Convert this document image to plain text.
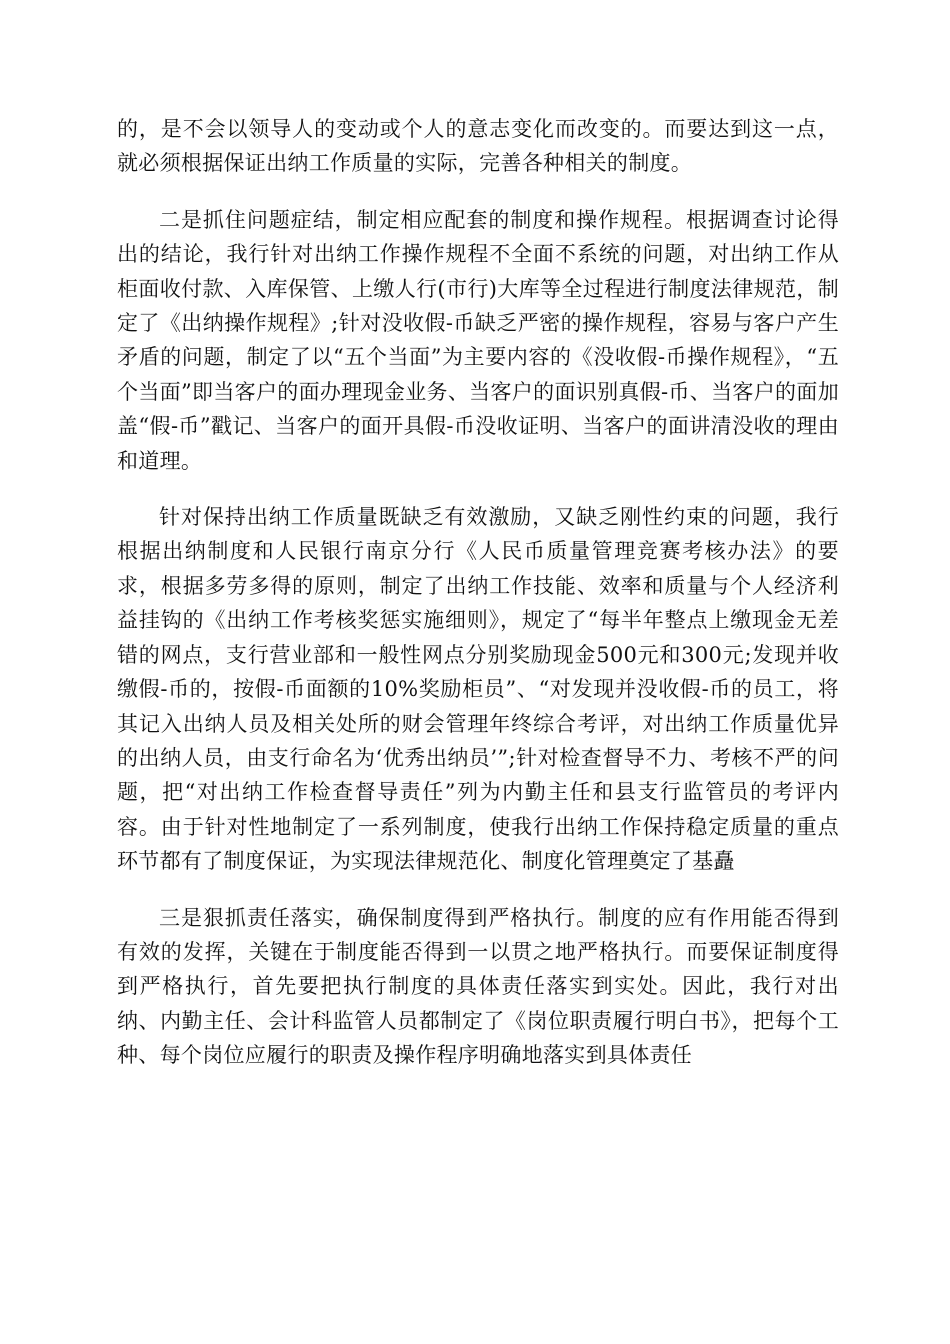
的，是不会以领导人的变动或个人的意志变化而改变的。而要达到这一点，就必须根据保证出纳工作质量的实际，完善各种相关的制度。

二是抓住问题症结，制定相应配套的制度和操作规程。根据调查讨论得出的结论，我行针对出纳工作操作规程不全面不系统的问题，对出纳工作从柜面收付款、入库保管、上缴人行(市行)大库等全过程进行制度法律规范，制定了《出纳操作规程》;针对没收假-币缺乏严密的操作规程，容易与客户产生矛盾的问题，制定了以“五个当面”为主要内容的《没收假-币操作规程》，“五个当面”即当客户的面办理现金业务、当客户的面识别真假-币、当客户的面加盖“假-币”戳记、当客户的面开具假-币没收证明、当客户的面讲清没收的理由和道理。

针对保持出纳工作质量既缺乏有效激励，又缺乏刚性约束的问题，我行根据出纳制度和人民银行南京分行《人民币质量管理竞赛考核办法》的要求，根据多劳多得的原则，制定了出纳工作技能、效率和质量与个人经济利益挂钩的《出纳工作考核奖惩实施细则》，规定了“每半年整点上缴现金无差错的网点，支行营业部和一般性网点分别奖励现金500元和300元;发现并收缴假-币的，按假-币面额的10%奖励柜员”、“对发现并没收假-币的员工，将其记入出纳人员及相关处所的财会管理年终综合考评，对出纳工作质量优异的出纳人员，由支行命名为‘优秀出纳员’”;针对检查督导不力、考核不严的问题，把“对出纳工作检查督导责任”列为内勤主任和县支行监管员的考评内容。由于针对性地制定了一系列制度，使我行出纳工作保持稳定质量的重点环节都有了制度保证，为实现法律规范化、制度化管理奠定了基矗

三是狠抓责任落实，确保制度得到严格执行。制度的应有作用能否得到有效的发挥，关键在于制度能否得到一以贯之地严格执行。而要保证制度得到严格执行，首先要把执行制度的具体责任落实到实处。因此，我行对出纳、内勤主任、会计科监管人员都制定了《岗位职责履行明白书》，把每个工种、每个岗位应履行的职责及操作程序明确地落实到具体责任
